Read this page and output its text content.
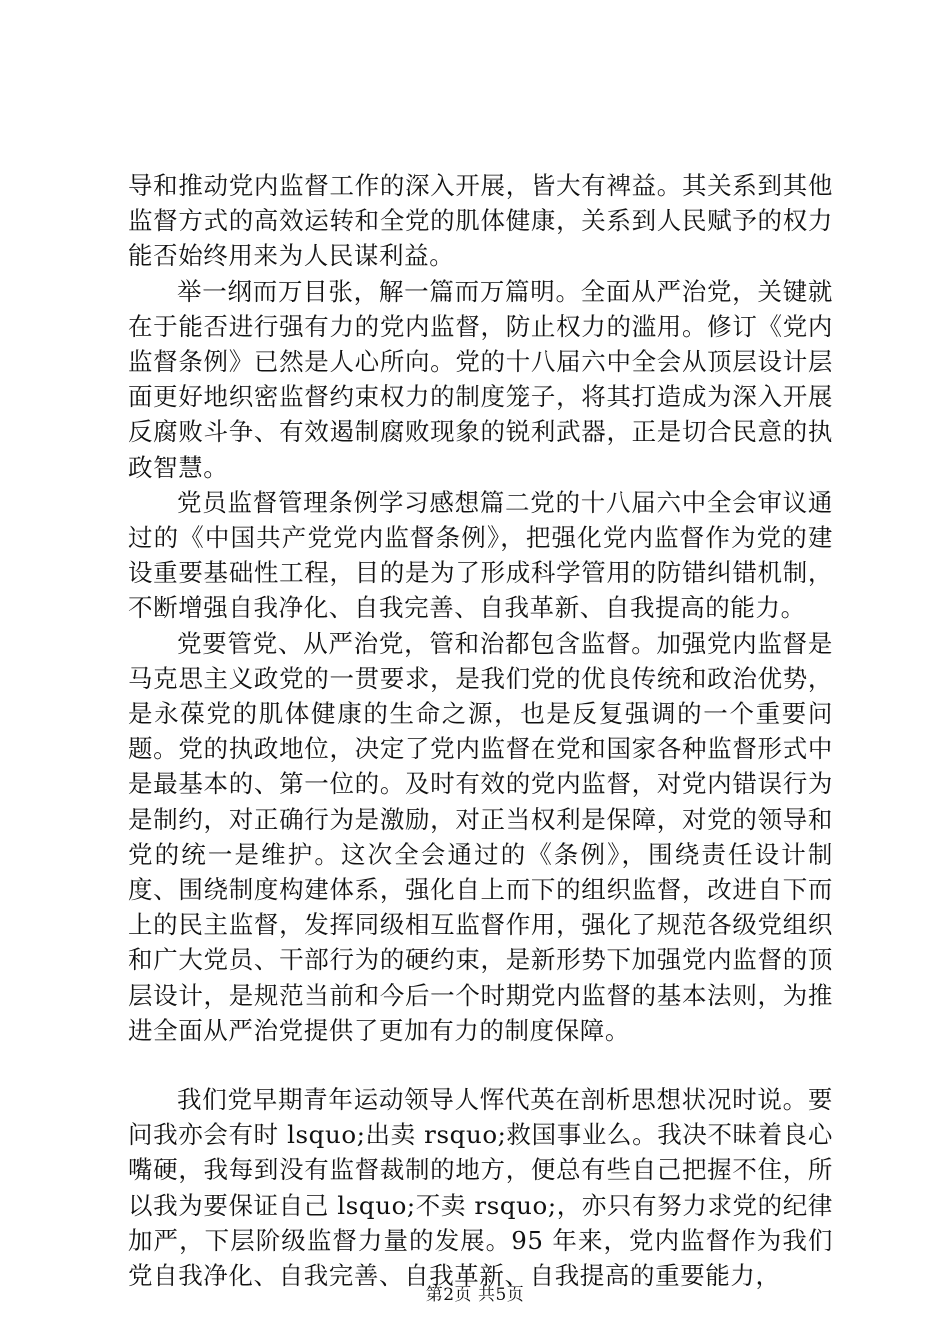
导和推动党内监督工作的深入开展，皆大有裨益。其关系到其他监督方式的高效运转和全党的肌体健康，关系到人民赋予的权力能否始终用来为人民谋利益。

举一纲而万目张，解一篇而万篇明。全面从严治党，关键就在于能否进行强有力的党内监督，防止权力的滥用。修订《党内监督条例》已然是人心所向。党的十八届六中全会从顶层设计层面更好地织密监督约束权力的制度笼子，将其打造成为深入开展反腐败斗争、有效遏制腐败现象的锐利武器，正是切合民意的执政智慧。

党员监督管理条例学习感想篇二党的十八届六中全会审议通过的《中国共产党党内监督条例》，把强化党内监督作为党的建设重要基础性工程，目的是为了形成科学管用的防错纠错机制，不断增强自我净化、自我完善、自我革新、自我提高的能力。

党要管党、从严治党，管和治都包含监督。加强党内监督是马克思主义政党的一贯要求，是我们党的优良传统和政治优势，是永葆党的肌体健康的生命之源，也是反复强调的一个重要问题。党的执政地位，决定了党内监督在党和国家各种监督形式中是最基本的、第一位的。及时有效的党内监督，对党内错误行为是制约，对正确行为是激励，对正当权利是保障，对党的领导和党的统一是维护。这次全会通过的《条例》，围绕责任设计制度、围绕制度构建体系，强化自上而下的组织监督，改进自下而上的民主监督，发挥同级相互监督作用，强化了规范各级党组织和广大党员、干部行为的硬约束，是新形势下加强党内监督的顶层设计，是规范当前和今后一个时期党内监督的基本法则，为推进全面从严治党提供了更加有力的制度保障。

我们党早期青年运动领导人恽代英在剖析思想状况时说。要问我亦会有时 lsquo;出卖 rsquo;救国事业么。我决不昧着良心嘴硬，我每到没有监督裁制的地方，便总有些自己把握不住，所以我为要保证自己 lsquo;不卖 rsquo;，亦只有努力求党的纪律加严，下层阶级监督力量的发展。95 年来，党内监督作为我们党自我净化、自我完善、自我革新、自我提高的重要能力，

第2页 共5页
